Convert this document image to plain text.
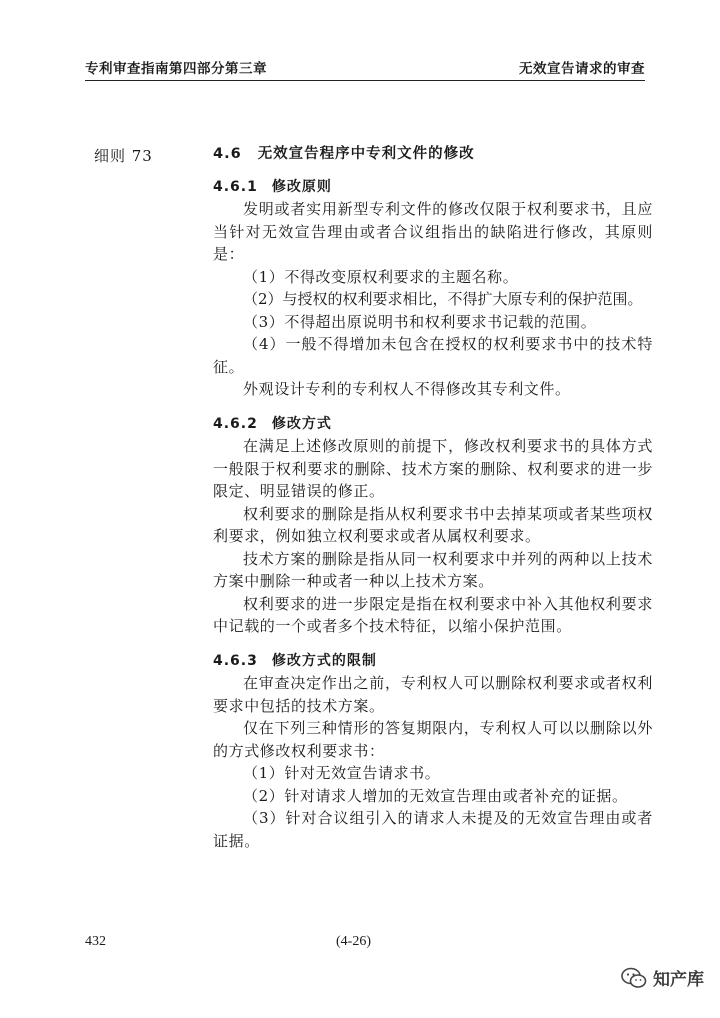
专利审查指南第四部分第三章	无效宣告请求的审查
细则 73	4.6 无效宣告程序中专利文件的修改
4.6.1 修改原则

发明或者实用新型专利文件的修改仅限于权利要求书，且应当针对无效宣告理由或者合议组指出的缺陷进行修改，其原则是：

（1）不得改变原权利要求的主题名称。

（2）与授权的权利要求相比，不得扩大原专利的保护范围。

（3）不得超出原说明书和权利要求书记载的范围。

（4）一般不得增加未包含在授权的权利要求书中的技术特征。

外观设计专利的专利权人不得修改其专利文件。

4.6.2 修改方式

在满足上述修改原则的前提下，修改权利要求书的具体方式一般限于权利要求的删除、技术方案的删除、权利要求的进一步限定、明显错误的修正。

权利要求的删除是指从权利要求书中去掉某项或者某些项权利要求，例如独立权利要求或者从属权利要求。

技术方案的删除是指从同一权利要求中并列的两种以上技术方案中删除一种或者一种以上技术方案。

权利要求的进一步限定是指在权利要求中补入其他权利要求中记载的一个或者多个技术特征，以缩小保护范围。

4.6.3 修改方式的限制

在审查决定作出之前，专利权人可以删除权利要求或者权利要求中包括的技术方案。

仅在下列三种情形的答复期限内，专利权人可以以删除以外的方式修改权利要求书：

（1）针对无效宣告请求书。

（2）针对请求人增加的无效宣告理由或者补充的证据。

（3）针对合议组引入的请求人未提及的无效宣告理由或者证据。

432	(4-26)
知产库
